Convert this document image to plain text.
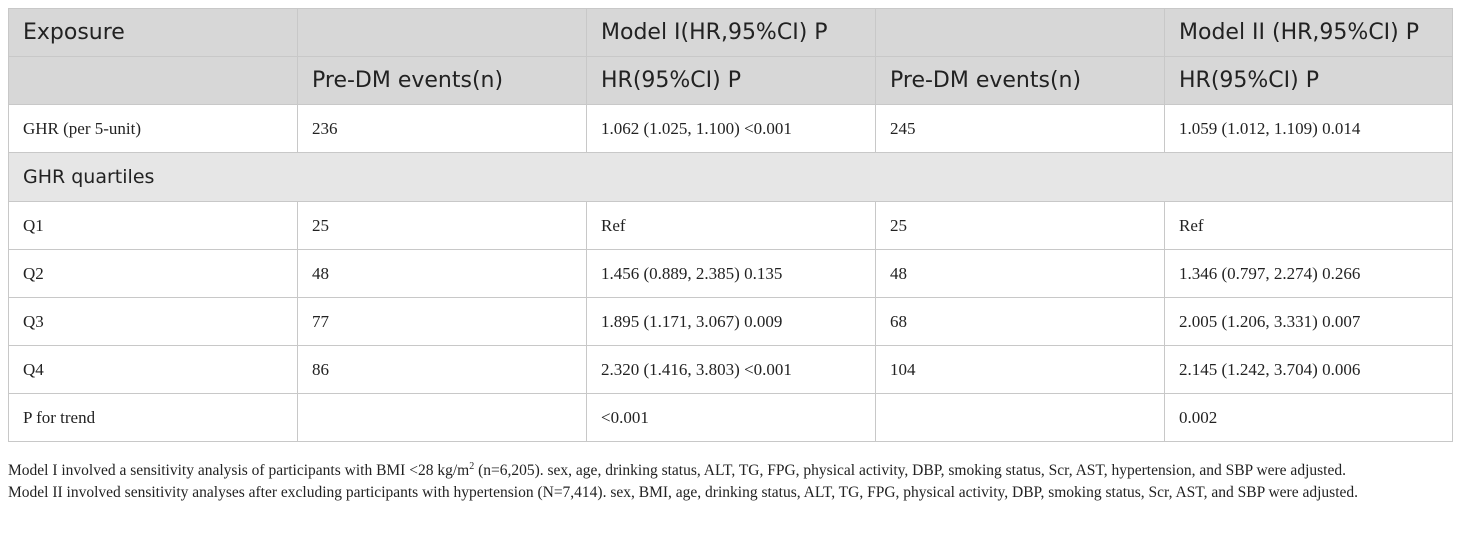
Exposure		Model I(HR,95%CI) P		Model II (HR,95%CI) P
	Pre-DM events(n)	HR(95%CI) P	Pre-DM events(n)	HR(95%CI) P
GHR (per 5-unit)	236	1.062 (1.025, 1.100) <0.001	245	1.059 (1.012, 1.109) 0.014
GHR quartiles				
Q1	25	Ref	25	Ref
Q2	48	1.456 (0.889, 2.385) 0.135	48	1.346 (0.797, 2.274) 0.266
Q3	77	1.895 (1.171, 3.067) 0.009	68	2.005 (1.206, 3.331) 0.007
Q4	86	2.320 (1.416, 3.803) <0.001	104	2.145 (1.242, 3.704) 0.006
P for trend		<0.001		0.002

Model I involved a sensitivity analysis of participants with BMI <28 $kg/m^2$ (n=6,205). sex, age, drinking status, ALT, TG, FPG, physical activity, DBP, smoking status, Scr, AST, hypertension, and SBP were adjusted.

Model II involved sensitivity analyses after excluding participants with hypertension (N=7,414). sex, BMI, age, drinking status, ALT, TG, FPG, physical activity, DBP, smoking status, Scr, AST, and SBP were adjusted.
